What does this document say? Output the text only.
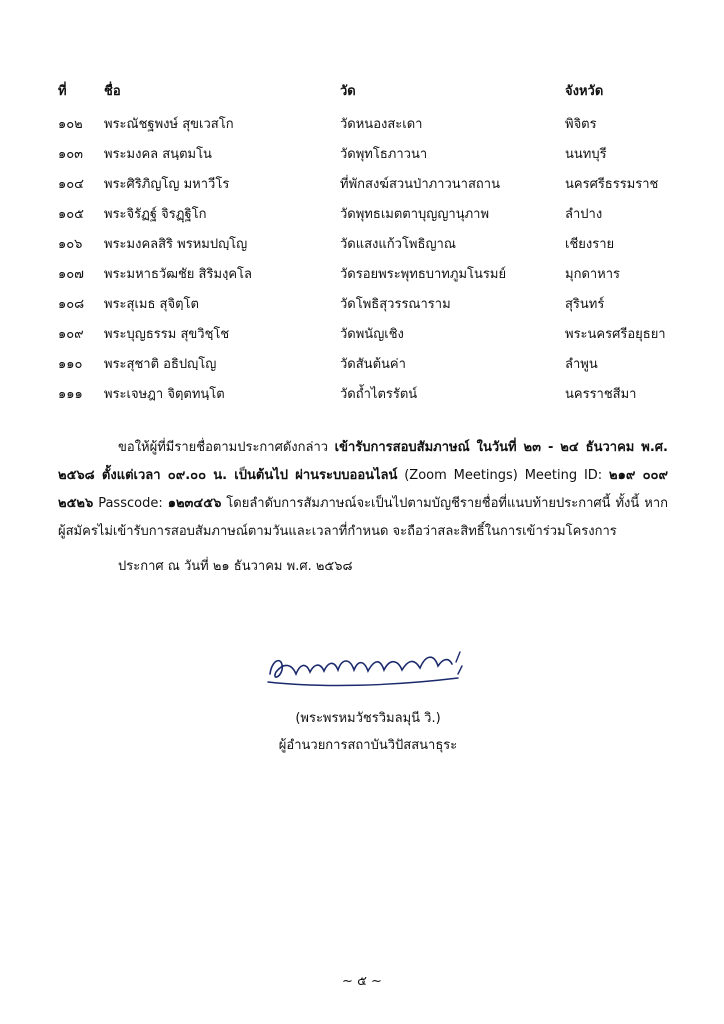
ที่	ชื่อ	วัด	จังหวัด
๑๐๒	พระณัชฐพงษ์ สุขเวสโก	วัดหนองสะเดา	พิจิตร
๑๐๓	พระมงคล สนฺตมโน	วัดพุทโธภาวนา	นนทบุรี
๑๐๔	พระศิริภิญโญ มหาวีโร	ที่พักสงฆ์สวนป่าภาวนาสถาน	นครศรีธรรมราช
๑๐๕	พระจิรัฏฐ์ จิรฏฺฐิโก	วัดพุทธเมตตาบุญญานุภาพ	ลำปาง
๑๐๖	พระมงคลสิริ พรหมปญฺโญ	วัดแสงแก้วโพธิญาณ	เชียงราย
๑๐๗	พระมหาธวัฒชัย สิริมงฺคโล	วัดรอยพระพุทธบาทภูมโนรมย์	มุกดาหาร
๑๐๘	พระสุเมธ สุจิตฺโต	วัดโพธิสุวรรณาราม	สุรินทร์
๑๐๙	พระบุญธรรม สุขวิชฺโช	วัดพนัญเชิง	พระนครศรีอยุธยา
๑๑๐	พระสุชาติ อธิปญฺโญ	วัดสันต้นค่า	ลำพูน
๑๑๑	พระเจษฎา จิตฺตทนฺโต	วัดถ้ำไตรรัตน์	นครราชสีมา

ขอให้ผู้ที่มีรายชื่อตามประกาศดังกล่าว เข้ารับการสอบสัมภาษณ์ ในวันที่ ๒๓ - ๒๔ ธันวาคม พ.ศ. ๒๕๖๘ ตั้งแต่เวลา ๐๙.๐๐ น. เป็นต้นไป ผ่านระบบออนไลน์ (Zoom Meetings) Meeting ID: ๒๑๙ ๐๐๙ ๒๕๒๖ Passcode: ๑๒๓๔๕๖ โดยลำดับการสัมภาษณ์จะเป็นไปตามบัญชีรายชื่อที่แนบท้ายประกาศนี้ ทั้งนี้ หากผู้สมัครไม่เข้ารับการสอบสัมภาษณ์ตามวันและเวลาที่กำหนด จะถือว่าสละสิทธิ์ในการเข้าร่วมโครงการ

ประกาศ ณ วันที่ ๒๑ ธันวาคม พ.ศ. ๒๕๖๘
(พระพรหมวัชรวิมลมุนี วิ.)
ผู้อำนวยการสถาบันวิปัสสนาธุระ
~ ๕ ~
